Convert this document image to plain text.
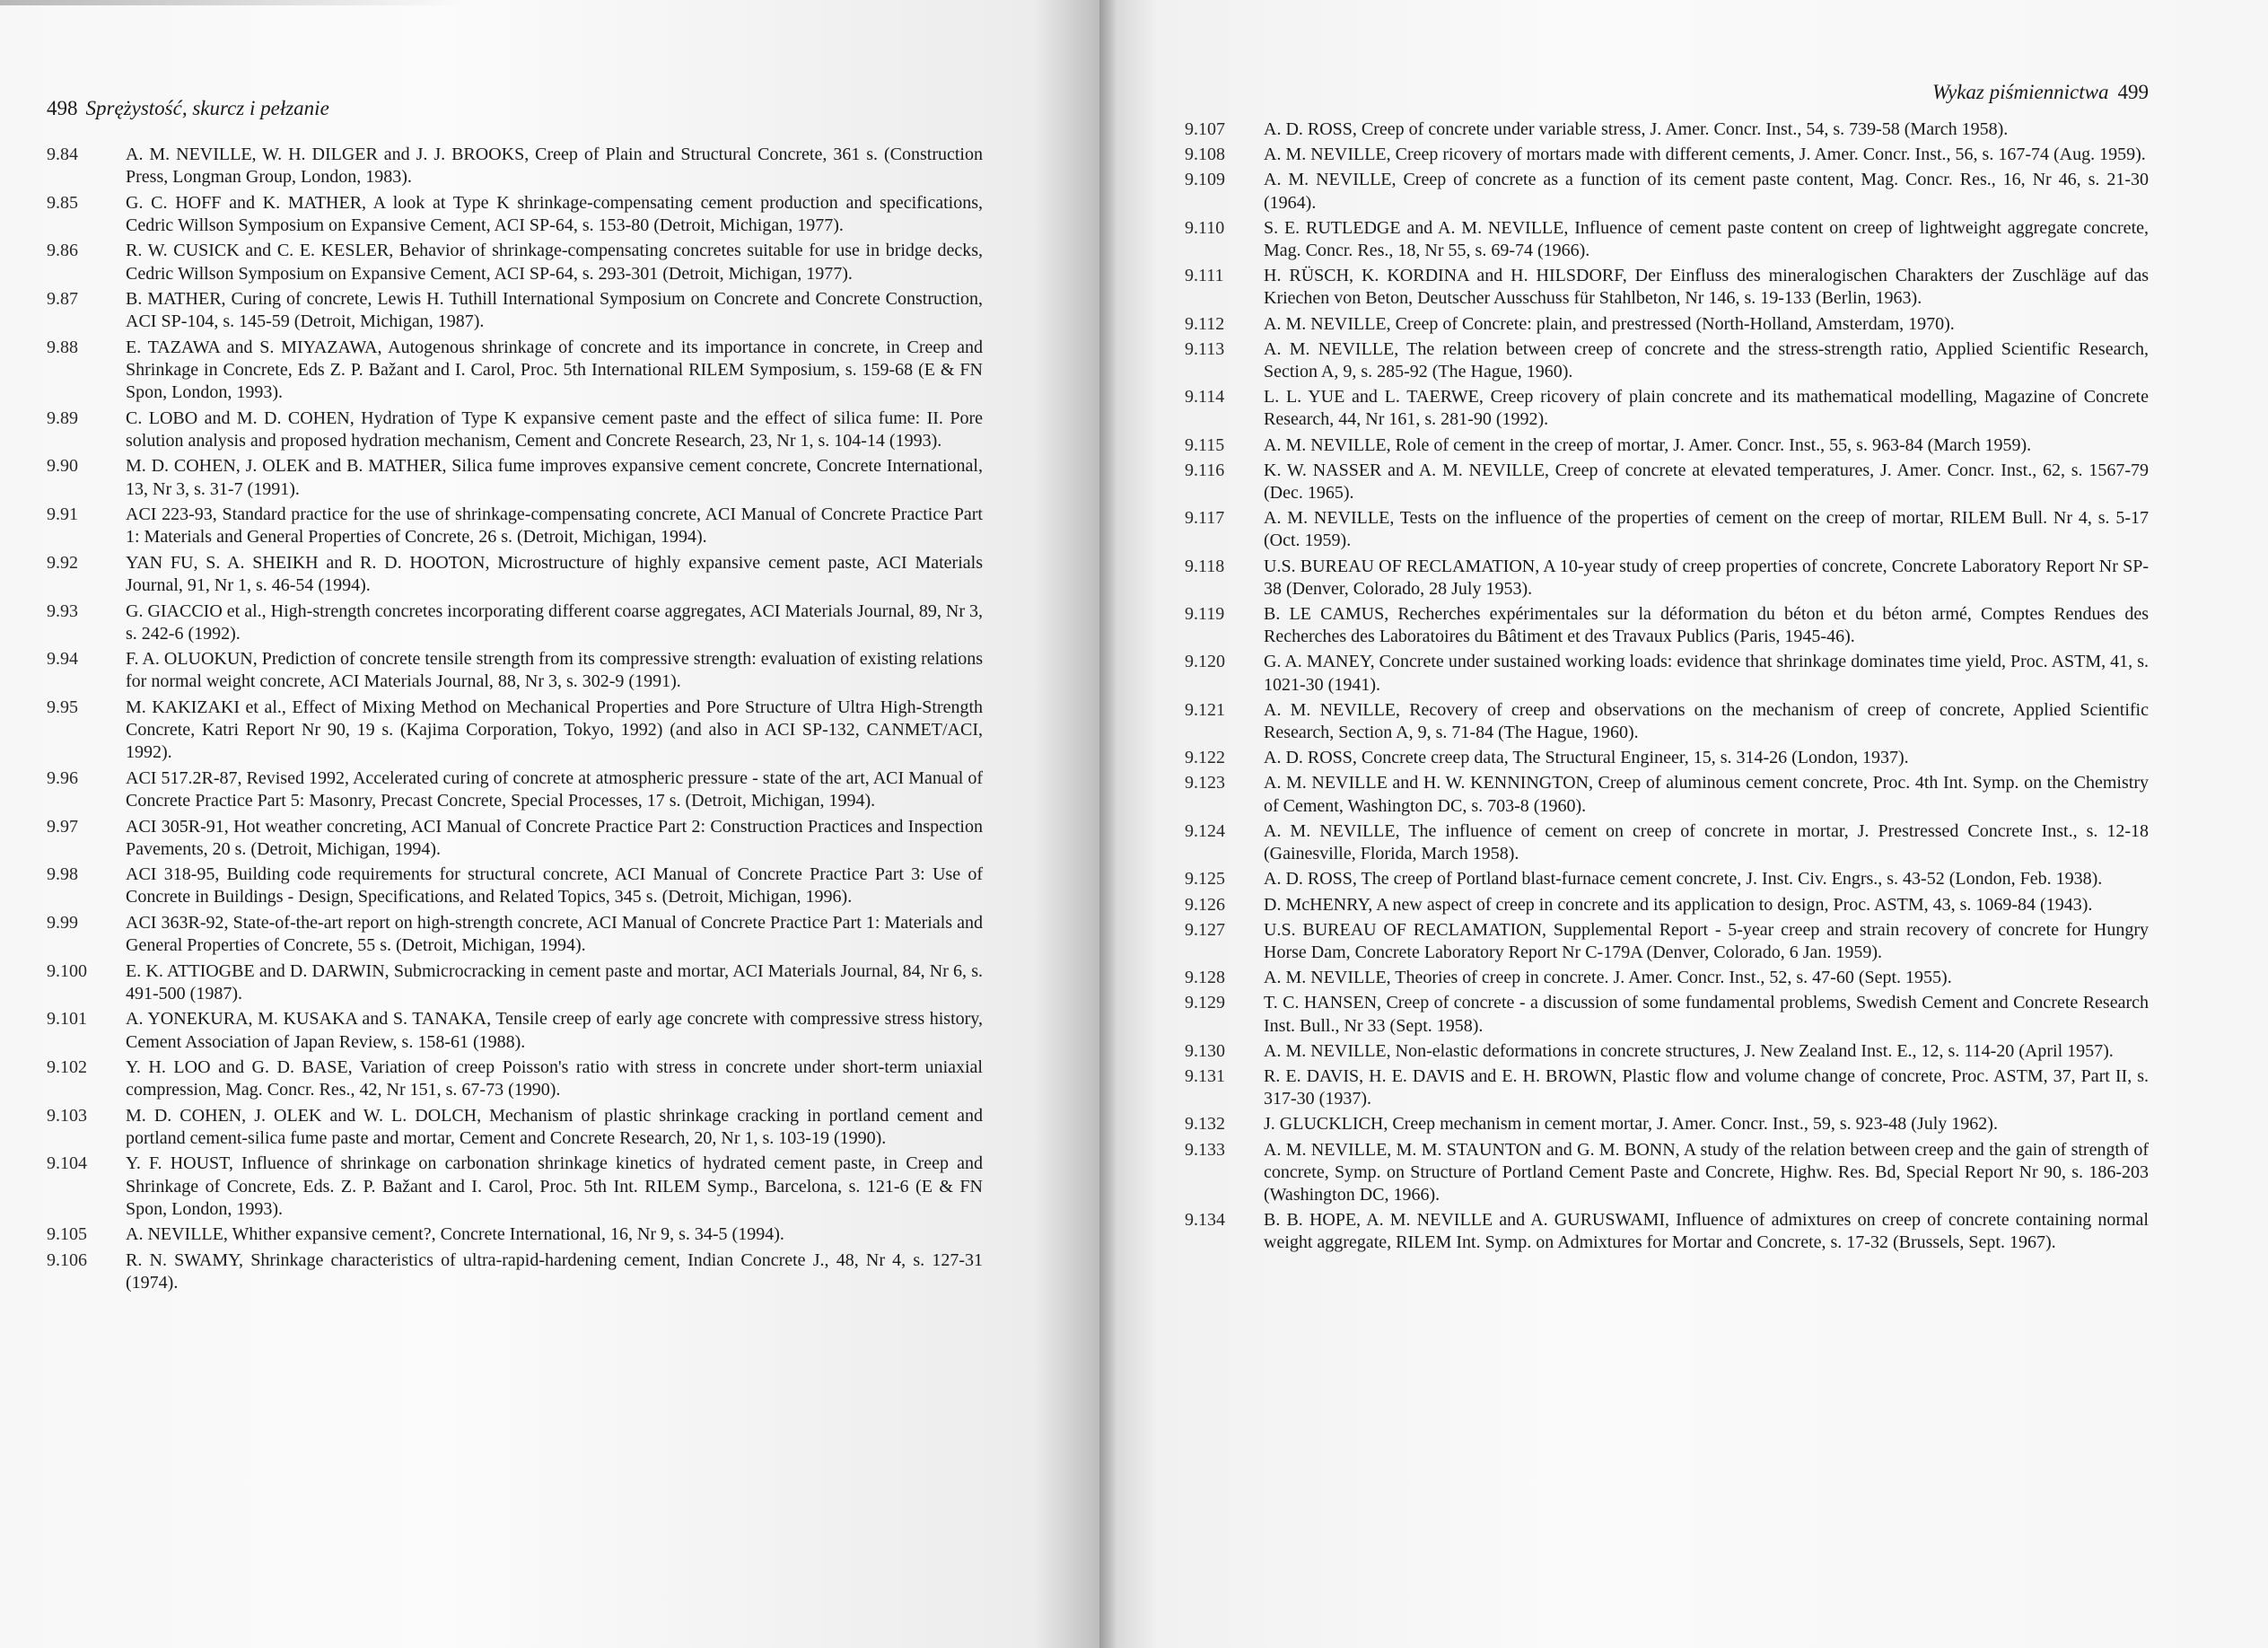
498 Sprężystość, skurcz i pełzanie
9.84	A. M. NEVILLE, W. H. DILGER and J. J. BROOKS, Creep of Plain and Structural Concrete, 361 s. (Construction Press, Longman Group, London, 1983).
9.85	G. C. HOFF and K. MATHER, A look at Type K shrinkage-compensating cement production and specifications, Cedric Willson Symposium on Expansive Cement, ACI SP-64, s. 153-80 (Detroit, Michigan, 1977).
9.86	R. W. CUSICK and C. E. KESLER, Behavior of shrinkage-compensating concretes suitable for use in bridge decks, Cedric Willson Symposium on Expansive Cement, ACI SP-64, s. 293-301 (Detroit, Michigan, 1977).
9.87	B. MATHER, Curing of concrete, Lewis H. Tuthill International Symposium on Concrete and Concrete Construction, ACI SP-104, s. 145-59 (Detroit, Michigan, 1987).
9.88	E. TAZAWA and S. MIYAZAWA, Autogenous shrinkage of concrete and its importance in concrete, in Creep and Shrinkage in Concrete, Eds Z. P. Bažant and I. Carol, Proc. 5th International RILEM Symposium, s. 159-68 (E & FN Spon, London, 1993).
9.89	C. LOBO and M. D. COHEN, Hydration of Type K expansive cement paste and the effect of silica fume: II. Pore solution analysis and proposed hydration mechanism, Cement and Concrete Research, 23, Nr 1, s. 104-14 (1993).
9.90	M. D. COHEN, J. OLEK and B. MATHER, Silica fume improves expansive cement concrete, Concrete International, 13, Nr 3, s. 31-7 (1991).
9.91	ACI 223-93, Standard practice for the use of shrinkage-compensating concrete, ACI Manual of Concrete Practice Part 1: Materials and General Properties of Concrete, 26 s. (Detroit, Michigan, 1994).
9.92	YAN FU, S. A. SHEIKH and R. D. HOOTON, Microstructure of highly expansive cement paste, ACI Materials Journal, 91, Nr 1, s. 46-54 (1994).
9.93	G. GIACCIO et al., High-strength concretes incorporating different coarse aggregates, ACI Materials Journal, 89, Nr 3, s. 242-6 (1992).
9.94	F. A. OLUOKUN, Prediction of concrete tensile strength from its compressive strength: evaluation of existing relations for normal weight concrete, ACI Materials Journal, 88, Nr 3, s. 302-9 (1991).
9.95	M. KAKIZAKI et al., Effect of Mixing Method on Mechanical Properties and Pore Structure of Ultra High-Strength Concrete, Katri Report Nr 90, 19 s. (Kajima Corporation, Tokyo, 1992) (and also in ACI SP-132, CANMET/ACI, 1992).
9.96	ACI 517.2R-87, Revised 1992, Accelerated curing of concrete at atmospheric pressure - state of the art, ACI Manual of Concrete Practice Part 5: Masonry, Precast Concrete, Special Processes, 17 s. (Detroit, Michigan, 1994).
9.97	ACI 305R-91, Hot weather concreting, ACI Manual of Concrete Practice Part 2: Construction Practices and Inspection Pavements, 20 s. (Detroit, Michigan, 1994).
9.98	ACI 318-95, Building code requirements for structural concrete, ACI Manual of Concrete Practice Part 3: Use of Concrete in Buildings - Design, Specifications, and Related Topics, 345 s. (Detroit, Michigan, 1996).
9.99	ACI 363R-92, State-of-the-art report on high-strength concrete, ACI Manual of Concrete Practice Part 1: Materials and General Properties of Concrete, 55 s. (Detroit, Michigan, 1994).
9.100	E. K. ATTIOGBE and D. DARWIN, Submicrocracking in cement paste and mortar, ACI Materials Journal, 84, Nr 6, s. 491-500 (1987).
9.101	A. YONEKURA, M. KUSAKA and S. TANAKA, Tensile creep of early age concrete with compressive stress history, Cement Association of Japan Review, s. 158-61 (1988).
9.102	Y. H. LOO and G. D. BASE, Variation of creep Poisson's ratio with stress in concrete under short-term uniaxial compression, Mag. Concr. Res., 42, Nr 151, s. 67-73 (1990).
9.103	M. D. COHEN, J. OLEK and W. L. DOLCH, Mechanism of plastic shrinkage cracking in portland cement and portland cement-silica fume paste and mortar, Cement and Concrete Research, 20, Nr 1, s. 103-19 (1990).
9.104	Y. F. HOUST, Influence of shrinkage on carbonation shrinkage kinetics of hydrated cement paste, in Creep and Shrinkage of Concrete, Eds. Z. P. Bažant and I. Carol, Proc. 5th Int. RILEM Symp., Barcelona, s. 121-6 (E & FN Spon, London, 1993).
9.105	A. NEVILLE, Whither expansive cement?, Concrete International, 16, Nr 9, s. 34-5 (1994).
9.106	R. N. SWAMY, Shrinkage characteristics of ultra-rapid-hardening cement, Indian Concrete J., 48, Nr 4, s. 127-31 (1974).
Wykaz piśmiennictwa 499
9.107	A. D. ROSS, Creep of concrete under variable stress, J. Amer. Concr. Inst., 54, s. 739-58 (March 1958).
9.108	A. M. NEVILLE, Creep ricovery of mortars made with different cements, J. Amer. Concr. Inst., 56, s. 167-74 (Aug. 1959).
9.109	A. M. NEVILLE, Creep of concrete as a function of its cement paste content, Mag. Concr. Res., 16, Nr 46, s. 21-30 (1964).
9.110	S. E. RUTLEDGE and A. M. NEVILLE, Influence of cement paste content on creep of lightweight aggregate concrete, Mag. Concr. Res., 18, Nr 55, s. 69-74 (1966).
9.111	H. RÜSCH, K. KORDINA and H. HILSDORF, Der Einfluss des mineralogischen Charakters der Zuschläge auf das Kriechen von Beton, Deutscher Ausschuss für Stahlbeton, Nr 146, s. 19-133 (Berlin, 1963).
9.112	A. M. NEVILLE, Creep of Concrete: plain, and prestressed (North-Holland, Amsterdam, 1970).
9.113	A. M. NEVILLE, The relation between creep of concrete and the stress-strength ratio, Applied Scientific Research, Section A, 9, s. 285-92 (The Hague, 1960).
9.114	L. L. YUE and L. TAERWE, Creep ricovery of plain concrete and its mathematical modelling, Magazine of Concrete Research, 44, Nr 161, s. 281-90 (1992).
9.115	A. M. NEVILLE, Role of cement in the creep of mortar, J. Amer. Concr. Inst., 55, s. 963-84 (March 1959).
9.116	K. W. NASSER and A. M. NEVILLE, Creep of concrete at elevated temperatures, J. Amer. Concr. Inst., 62, s. 1567-79 (Dec. 1965).
9.117	A. M. NEVILLE, Tests on the influence of the properties of cement on the creep of mortar, RILEM Bull. Nr 4, s. 5-17 (Oct. 1959).
9.118	U.S. BUREAU OF RECLAMATION, A 10-year study of creep properties of concrete, Concrete Laboratory Report Nr SP-38 (Denver, Colorado, 28 July 1953).
9.119	B. LE CAMUS, Recherches expérimentales sur la déformation du béton et du béton armé, Comptes Rendues des Recherches des Laboratoires du Bâtiment et des Travaux Publics (Paris, 1945-46).
9.120	G. A. MANEY, Concrete under sustained working loads: evidence that shrinkage dominates time yield, Proc. ASTM, 41, s. 1021-30 (1941).
9.121	A. M. NEVILLE, Recovery of creep and observations on the mechanism of creep of concrete, Applied Scientific Research, Section A, 9, s. 71-84 (The Hague, 1960).
9.122	A. D. ROSS, Concrete creep data, The Structural Engineer, 15, s. 314-26 (London, 1937).
9.123	A. M. NEVILLE and H. W. KENNINGTON, Creep of aluminous cement concrete, Proc. 4th Int. Symp. on the Chemistry of Cement, Washington DC, s. 703-8 (1960).
9.124	A. M. NEVILLE, The influence of cement on creep of concrete in mortar, J. Prestressed Concrete Inst., s. 12-18 (Gainesville, Florida, March 1958).
9.125	A. D. ROSS, The creep of Portland blast-furnace cement concrete, J. Inst. Civ. Engrs., s. 43-52 (London, Feb. 1938).
9.126	D. McHENRY, A new aspect of creep in concrete and its application to design, Proc. ASTM, 43, s. 1069-84 (1943).
9.127	U.S. BUREAU OF RECLAMATION, Supplemental Report - 5-year creep and strain recovery of concrete for Hungry Horse Dam, Concrete Laboratory Report Nr C-179A (Denver, Colorado, 6 Jan. 1959).
9.128	A. M. NEVILLE, Theories of creep in concrete. J. Amer. Concr. Inst., 52, s. 47-60 (Sept. 1955).
9.129	T. C. HANSEN, Creep of concrete - a discussion of some fundamental problems, Swedish Cement and Concrete Research Inst. Bull., Nr 33 (Sept. 1958).
9.130	A. M. NEVILLE, Non-elastic deformations in concrete structures, J. New Zealand Inst. E., 12, s. 114-20 (April 1957).
9.131	R. E. DAVIS, H. E. DAVIS and E. H. BROWN, Plastic flow and volume change of concrete, Proc. ASTM, 37, Part II, s. 317-30 (1937).
9.132	J. GLUCKLICH, Creep mechanism in cement mortar, J. Amer. Concr. Inst., 59, s. 923-48 (July 1962).
9.133	A. M. NEVILLE, M. M. STAUNTON and G. M. BONN, A study of the relation between creep and the gain of strength of concrete, Symp. on Structure of Portland Cement Paste and Concrete, Highw. Res. Bd, Special Report Nr 90, s. 186-203 (Washington DC, 1966).
9.134	B. B. HOPE, A. M. NEVILLE and A. GURUSWAMI, Influence of admixtures on creep of concrete containing normal weight aggregate, RILEM Int. Symp. on Admixtures for Mortar and Concrete, s. 17-32 (Brussels, Sept. 1967).
